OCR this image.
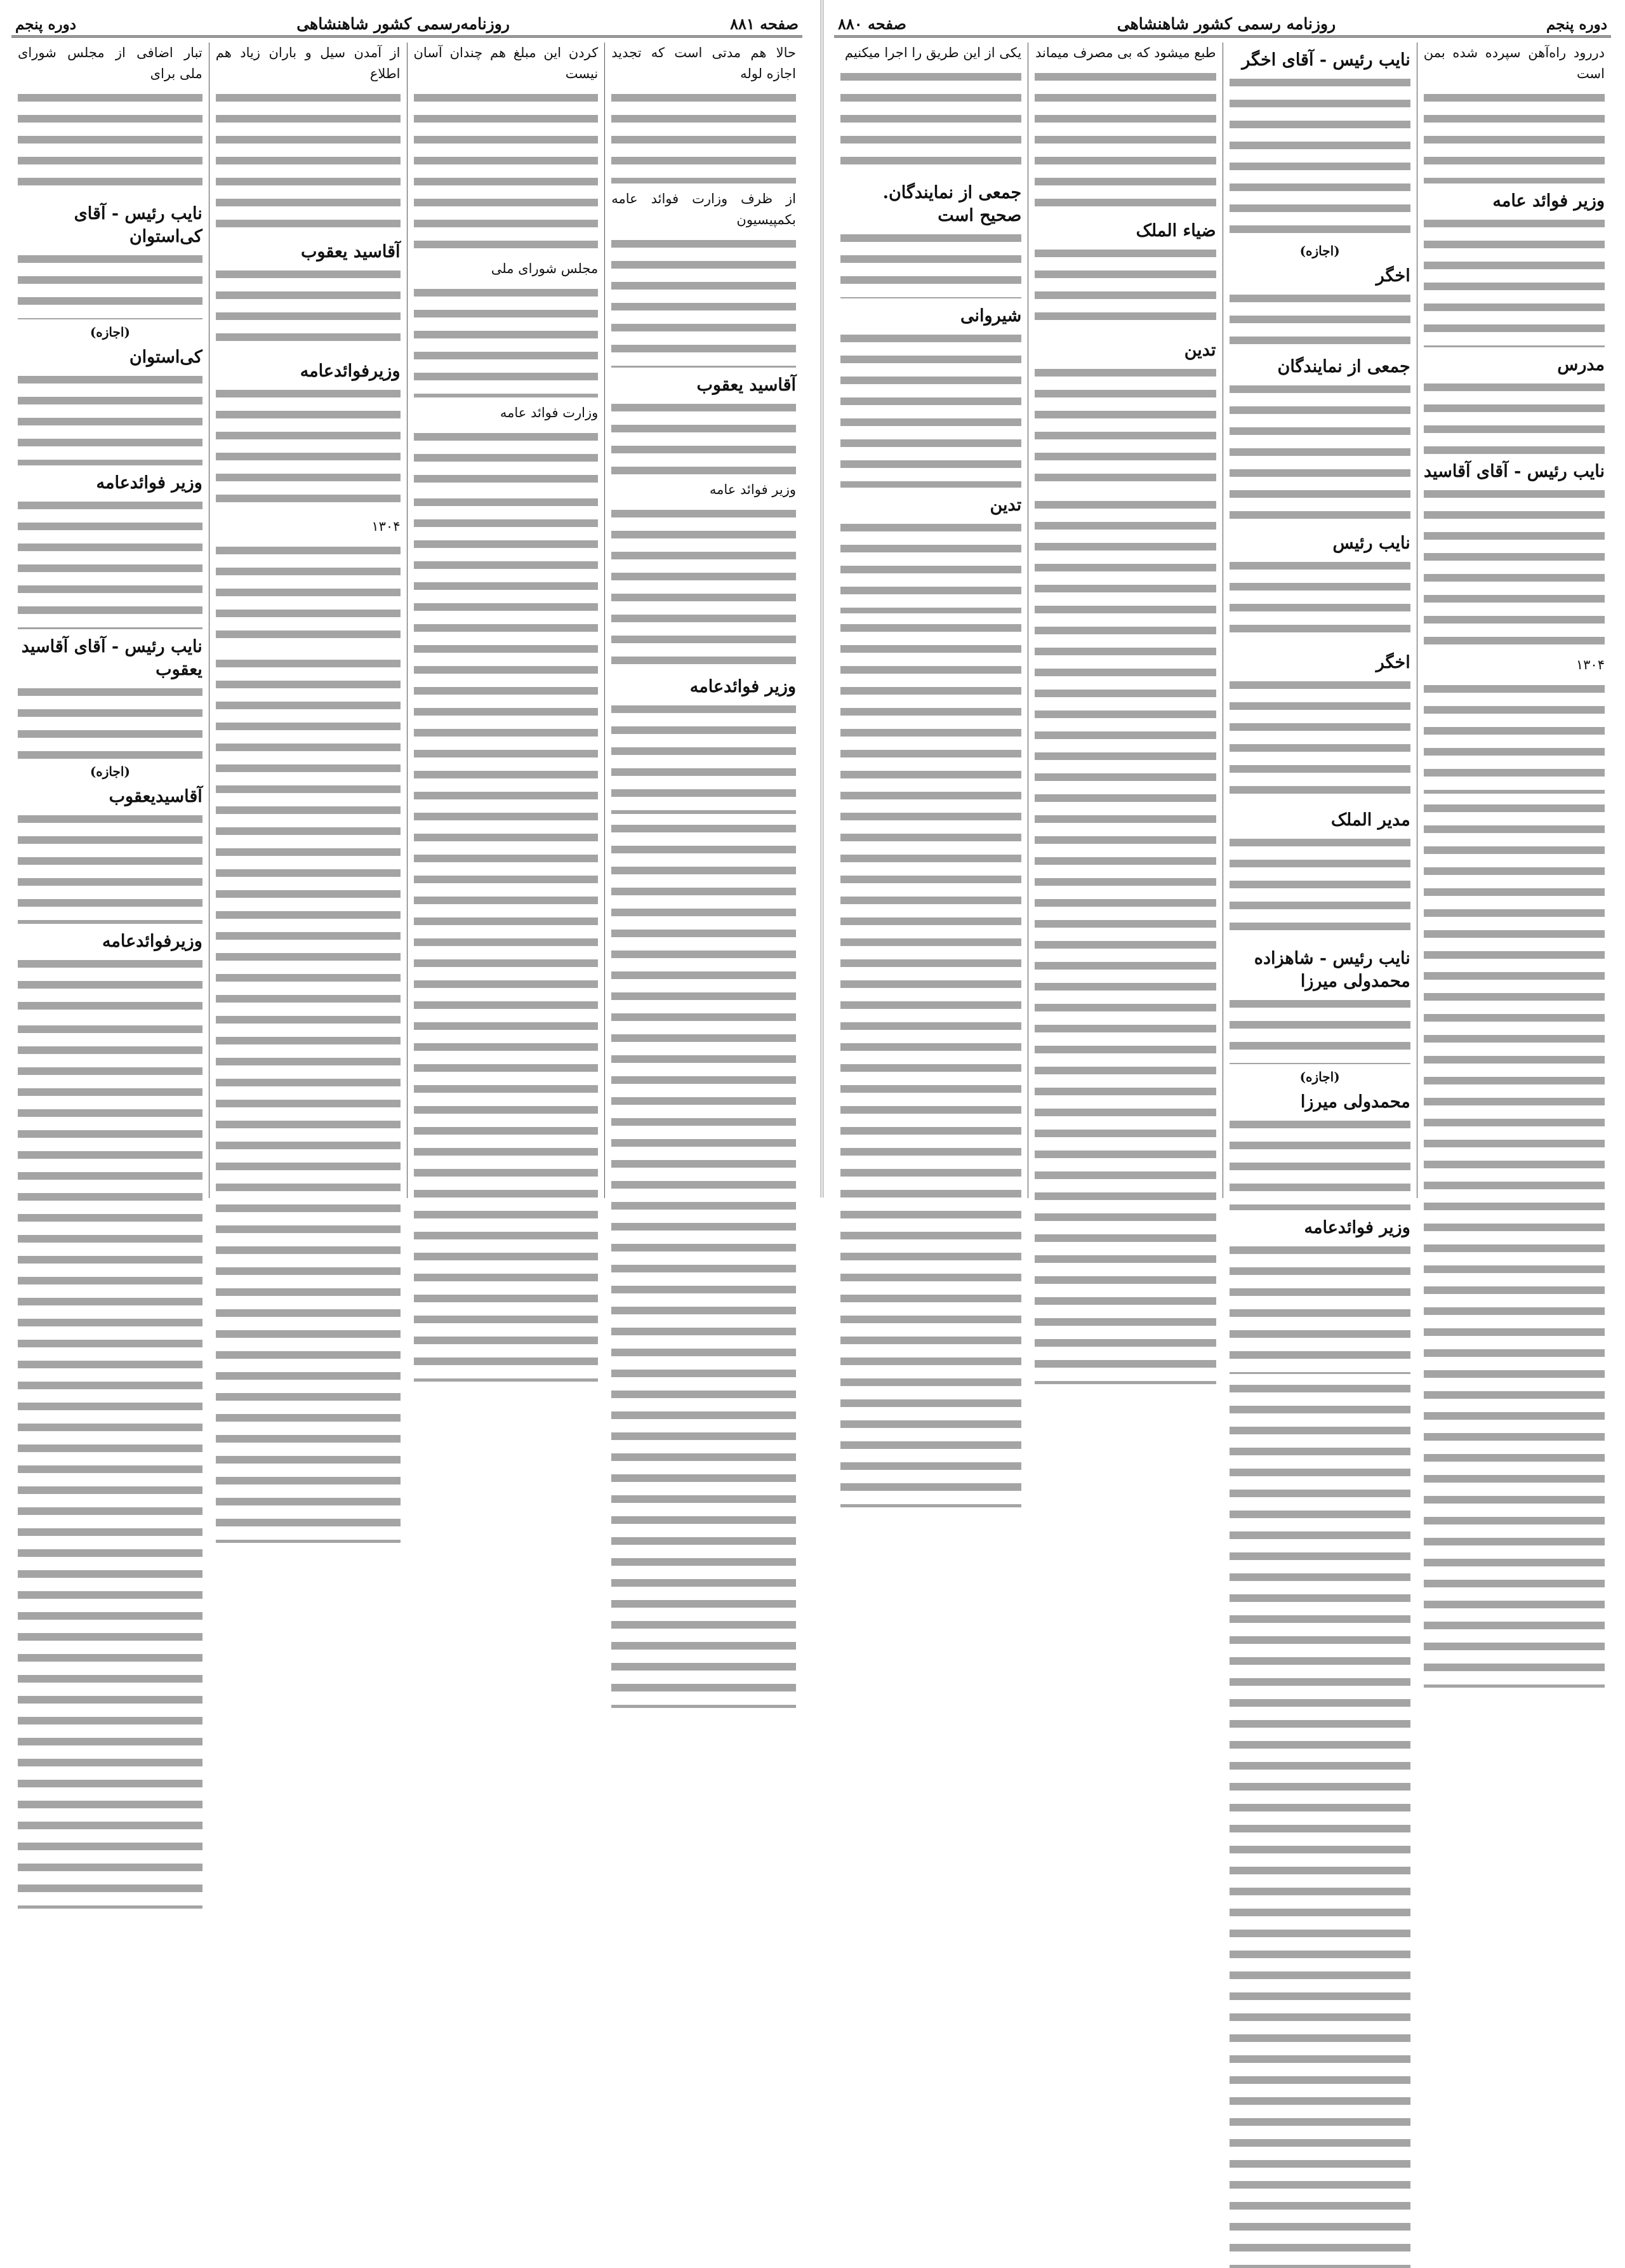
صفحه ۸۸۱
روزنامه‌رسمی کشور شاهنشاهی
دوره پنجم
حالا هم مدتی است که تجدید اجازه لوله
از ظرف وزارت فوائد عامه بکمپیسیون
آقاسید یعقوب
وزیر فوائد عامه
وزیر فوائدعامه
کردن این مبلغ هم چندان آسان نیست
مجلس شورای ملی
وزارت فوائد عامه
از آمدن سیل و باران زیاد هم اطلاع
آقاسید یعقوب
وزیرفوائدعامه
۱۳۰۴
تبار اضافی از مجلس شورای ملی برای
نایب رئیس - آقای کی‌استوان
(اجازه)
کی‌استوان
وزیر فوائدعامه
نایب رئیس - آقای آقاسید یعقوب
(اجازه)
آقاسیدیعقوب
وزیرفوائدعامه
دوره پنجم
روزنامه رسمی کشور شاهنشاهی
صفحه ۸۸۰
دررود راه‌آهن سپرده شده بمن است
وزیر فوائد عامه
مدرس
نایب رئیس - آقای آقاسید
۱۳۰۴
نایب رئیس - آقای اخگر
(اجازه)
اخگر
جمعی از نمایندگان
نایب رئیس
اخگر
مدیر الملک
نایب رئیس - شاهزاده محمدولی میرزا
(اجازه)
محمدولی میرزا
وزیر فوائدعامه
طبع میشود که بی مصرف میماند
ضیاء الملک
تدین
یکی از این طریق را اجرا میکنیم
جمعی از نمایندگان. صحیح است
شیروانی
تدین
